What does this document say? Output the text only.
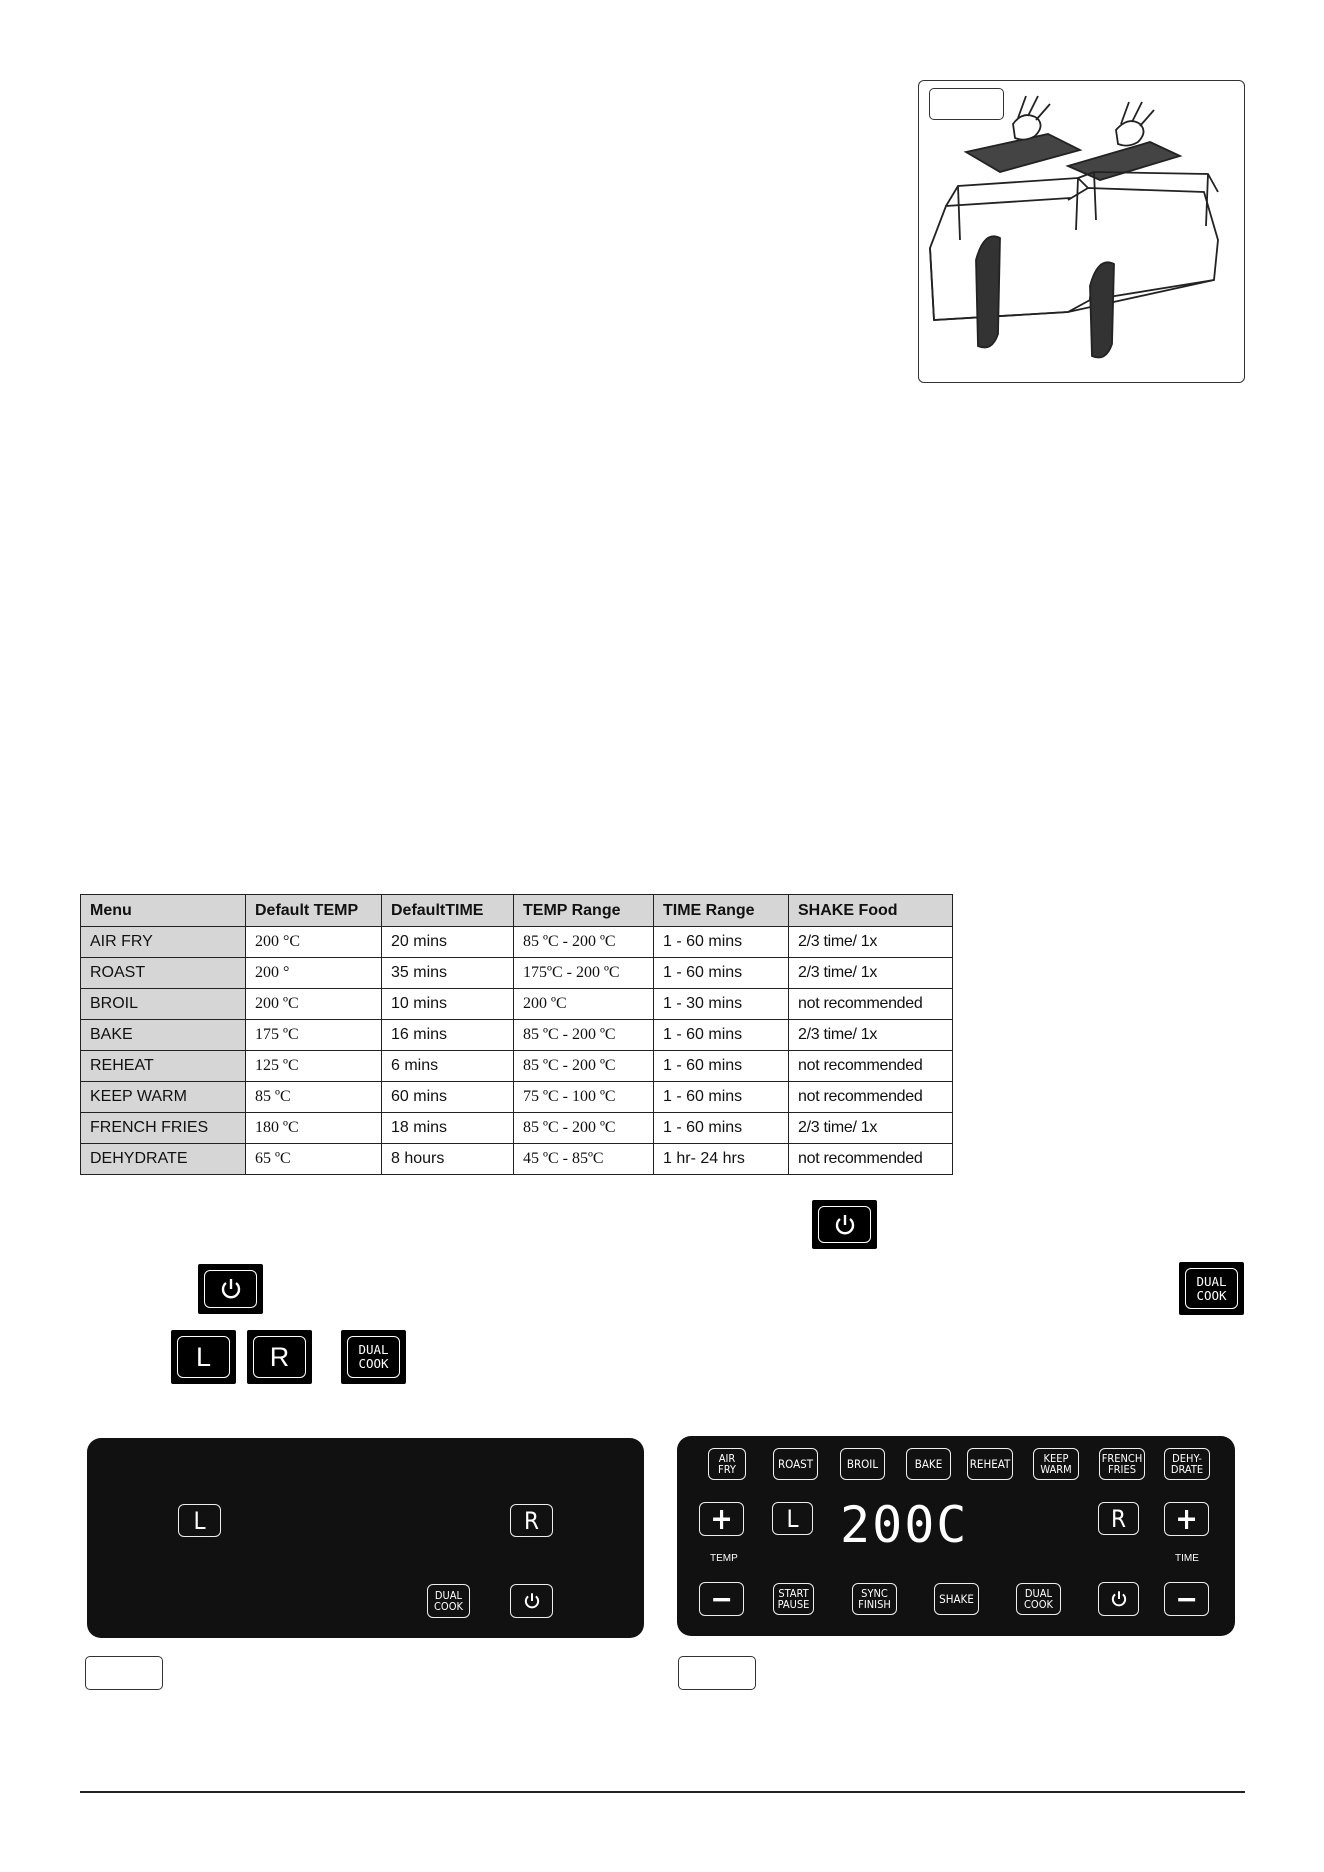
Menu	Default TEMP	DefaultTIME	TEMP Range	TIME Range	SHAKE Food
AIR FRY	200 °C	20 mins	85 ºC - 200 ºC	1 - 60 mins	2/3 time/ 1x
ROAST	200 °	35 mins	175ºC - 200 ºC	1 - 60 mins	2/3 time/ 1x
BROIL	200 ºC	10 mins	200 ºC	1 - 30 mins	not recommended
BAKE	175 ºC	16 mins	85 ºC - 200 ºC	1 - 60 mins	2/3 time/ 1x
REHEAT	125 ºC	6 mins	85 ºC - 200 ºC	1 - 60 mins	not recommended
KEEP WARM	85 ºC	60 mins	75 ºC - 100 ºC	1 - 60 mins	not recommended
FRENCH FRIES	180 ºC	18 mins	85 ºC - 200 ºC	1 - 60 mins	2/3 time/ 1x
DEHYDRATE	65 ºC	8 hours	45 ºC - 85ºC	1 hr- 24 hrs	not recommended
DUAL
COOK
L R	DUAL
COOK
L	R
DUAL
COOK
AIR
FRY	ROAST	BROIL	BAKE	REHEAT	KEEP
WARM
FRENCH
FRIES
DEHY-
DRATE
+	L 200C	R	+
TEMP	TIME
−	START
PAUSE
SYNC
FINISH	SHAKE	DUAL
COOK	−
